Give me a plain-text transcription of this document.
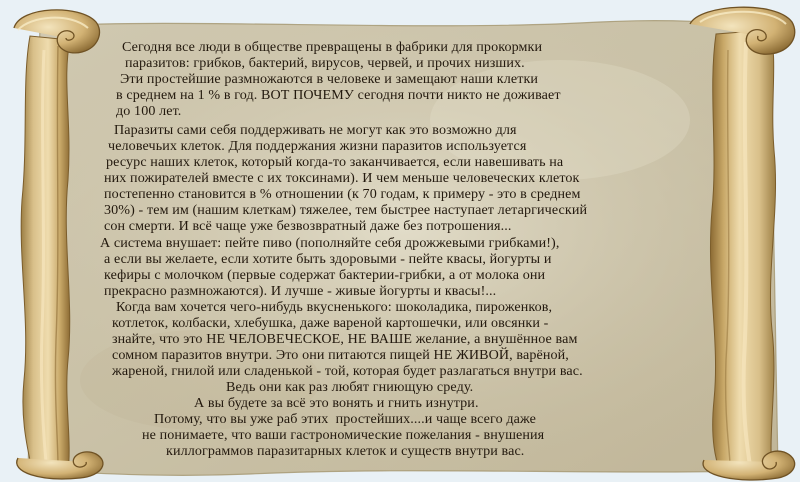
Сегодня все люди в обществе превращены в фабрики для прокормки
паразитов: грибков, бактерий, вирусов, червей, и прочих низших.
Эти простейшие размножаются в человеке и замещают наши клетки
в среднем на 1 % в год. ВОТ ПОЧЕМУ сегодня почти никто не доживает
до 100 лет.
Паразиты сами себя поддерживать не могут как это возможно для
человечьих клеток. Для поддержания жизни паразитов используется
ресурс наших клеток, который когда-то заканчивается, если навешивать на
них пожирателей вместе с их токсинами). И чем меньше человеческих клеток
постепенно становится в % отношении (к 70 годам, к примеру - это в среднем
30%) - тем им (нашим клеткам) тяжелее, тем быстрее наступает летаргический
сон смерти. И всё чаще уже безвозвратный даже без потрошения...
А система внушает: пейте пиво (пополняйте себя дрожжевыми грибками!),
а если вы желаете, если хотите быть здоровыми - пейте квасы, йогурты и
кефиры с молочком (первые содержат бактерии-грибки, а от молока они
прекрасно размножаются). И лучше - живые йогурты и квасы!...
Когда вам хочется чего-нибудь вкусненького: шоколадика, пироженков,
котлеток, колбаски, хлебушка, даже вареной картошечки, или овсянки -
знайте, что это НЕ ЧЕЛОВЕЧЕСКОЕ, НЕ ВАШЕ желание, а внушённое вам
сомном паразитов внутри. Это они питаются пищей НЕ ЖИВОЙ, варёной,
жареной, гнилой или сладенькой - той, которая будет разлагаться внутри вас.
Ведь они как раз любят гниющую среду.
А вы будете за всё это вонять и гнить изнутри.
Потому, что вы уже раб этих  простейших....и чаще всего даже
не понимаете, что ваши гастрономические пожелания - внушения
киллограммов паразитарных клеток и существ внутри вас.
